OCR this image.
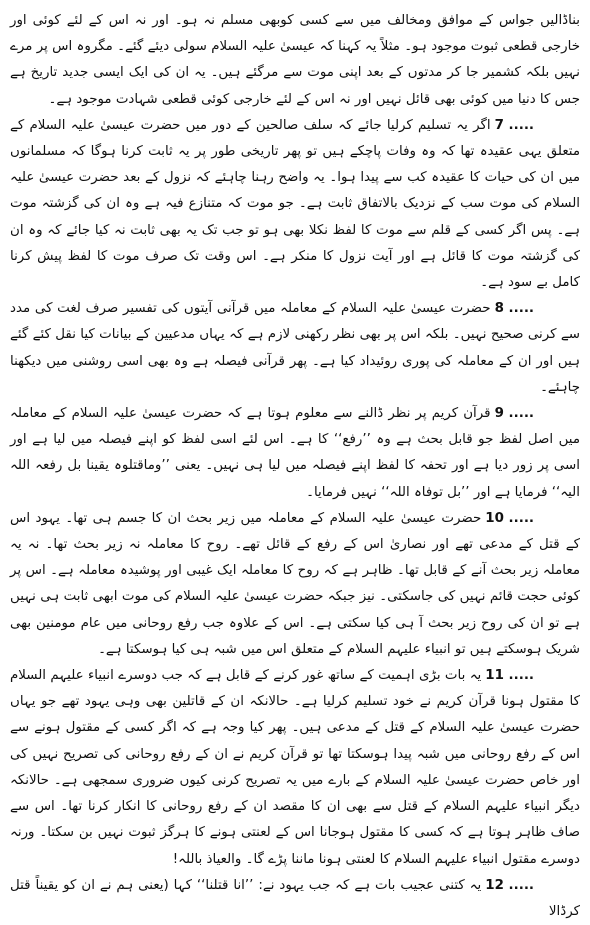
بناڈالیں جواس کے موافق ومخالف میں سے کسی کوبھی مسلم نہ ہو۔ اور نہ اس کے لئے کوئی اور خارجی قطعی ثبوت موجود ہو۔ مثلاً یہ کہنا کہ عیسیٰ علیہ السلام سولی دیئے گئے۔ مگروہ اس پر مرے نہیں بلکہ کشمیر جا کر مدتوں کے بعد اپنی موت سے مرگئے ہیں۔ یہ ان کی ایک ایسی جدید تاریخ ہے جس کا دنیا میں کوئی بھی قائل نہیں اور نہ اس کے لئے خارجی کوئی قطعی شہادت موجود ہے۔

7 .....اگر یہ تسلیم کرلیا جائے کہ سلف صالحین کے دور میں حضرت عیسیٰ علیہ السلام کے متعلق یہی عقیدہ تھا کہ وہ وفات پاچکے ہیں تو پھر تاریخی طور پر یہ ثابت کرنا ہوگا کہ مسلمانوں میں ان کی حیات کا عقیدہ کب سے پیدا ہوا۔ یہ واضح رہنا چاہئے کہ نزول کے بعد حضرت عیسیٰ علیہ السلام کی موت سب کے نزدیک بالاتفاق ثابت ہے۔ جو موت کہ متنازع فیہ ہے وہ ان کی گزشتہ موت ہے۔ پس اگر کسی کے قلم سے موت کا لفظ نکلا بھی ہو تو جب تک یہ بھی ثابت نہ کیا جائے کہ وہ ان کی گزشتہ موت کا قائل ہے اور آیت نزول کا منکر ہے۔ اس وقت تک صرف موت کا لفظ پیش کرنا کامل بے سود ہے۔

8 .....حضرت عیسیٰ علیہ السلام کے معاملہ میں قرآنی آیتوں کی تفسیر صرف لغت کی مدد سے کرنی صحیح نہیں۔ بلکہ اس پر بھی نظر رکھنی لازم ہے کہ یہاں مدعیین کے بیانات کیا نقل کئے گئے ہیں اور ان کے معاملہ کی پوری روئیداد کیا ہے۔ پھر قرآنی فیصلہ ہے وہ بھی اسی روشنی میں دیکھنا چاہئے۔

9 .....قرآن کریم پر نظر ڈالنے سے معلوم ہوتا ہے کہ حضرت عیسیٰ علیہ السلام کے معاملہ میں اصل لفظ جو قابل بحث ہے وہ ’’رفع‘‘ کا ہے۔ اس لئے اسی لفظ کو اپنے فیصلہ میں لیا ہے اور اسی پر زور دیا ہے اور تحفہ کا لفظ اپنے فیصلہ میں لیا ہی نہیں۔ یعنی ’’وماقتلوہ یقینا بل رفعہ اللہ الیہ‘‘ فرمایا ہے اور ’’بل توفاہ اللہ‘‘ نہیں فرمایا۔

10 .....حضرت عیسیٰ علیہ السلام کے معاملہ میں زیر بحث ان کا جسم ہی تھا۔ یہود اس کے قتل کے مدعی تھے اور نصاریٰ اس کے رفع کے قائل تھے۔ روح کا معاملہ نہ زیر بحث تھا۔ نہ یہ معاملہ زیر بحث آنے کے قابل تھا۔ ظاہر ہے کہ روح کا معاملہ ایک غیبی اور پوشیدہ معاملہ ہے۔ اس پر کوئی حجت قائم نہیں کی جاسکتی۔ نیز جبکہ حضرت عیسیٰ علیہ السلام کی موت ابھی ثابت ہی نہیں ہے تو ان کی روح زیر بحث آ ہی کیا سکتی ہے۔ اس کے علاوہ جب رفع روحانی میں عام مومنین بھی شریک ہوسکتے ہیں تو انبیاء علیہم السلام کے متعلق اس میں شبہ ہی کیا ہوسکتا ہے۔

11 .....یہ بات بڑی اہمیت کے ساتھ غور کرنے کے قابل ہے کہ جب دوسرے انبیاء علیہم السلام کا مقتول ہونا قرآن کریم نے خود تسلیم کرلیا ہے۔ حالانکہ ان کے قاتلین بھی وہی یہود تھے جو یہاں حضرت عیسیٰ علیہ السلام کے قتل کے مدعی ہیں۔ پھر کیا وجہ ہے کہ اگر کسی کے مقتول ہونے سے اس کے رفع روحانی میں شبہ پیدا ہوسکتا تھا تو قرآن کریم نے ان کے رفع روحانی کی تصریح نہیں کی اور خاص حضرت عیسیٰ علیہ السلام کے بارے میں یہ تصریح کرنی کیوں ضروری سمجھی ہے۔ حالانکہ دیگر انبیاء علیہم السلام کے قتل سے بھی ان کا مقصد ان کے رفع روحانی کا انکار کرنا تھا۔ اس سے صاف ظاہر ہوتا ہے کہ کسی کا مقتول ہوجانا اس کے لعنتی ہونے کا ہرگز ثبوت نہیں بن سکتا۔ ورنہ دوسرے مقتول انبیاء علیہم السلام کا لعنتی ہونا ماننا پڑے گا۔ والعیاذ باللہ!

12 .....یہ کتنی عجیب بات ہے کہ جب یہود نے: ’’انا قتلنا‘‘ کہا (یعنی ہم نے ان کو یقیناً قتل کرڈالا
